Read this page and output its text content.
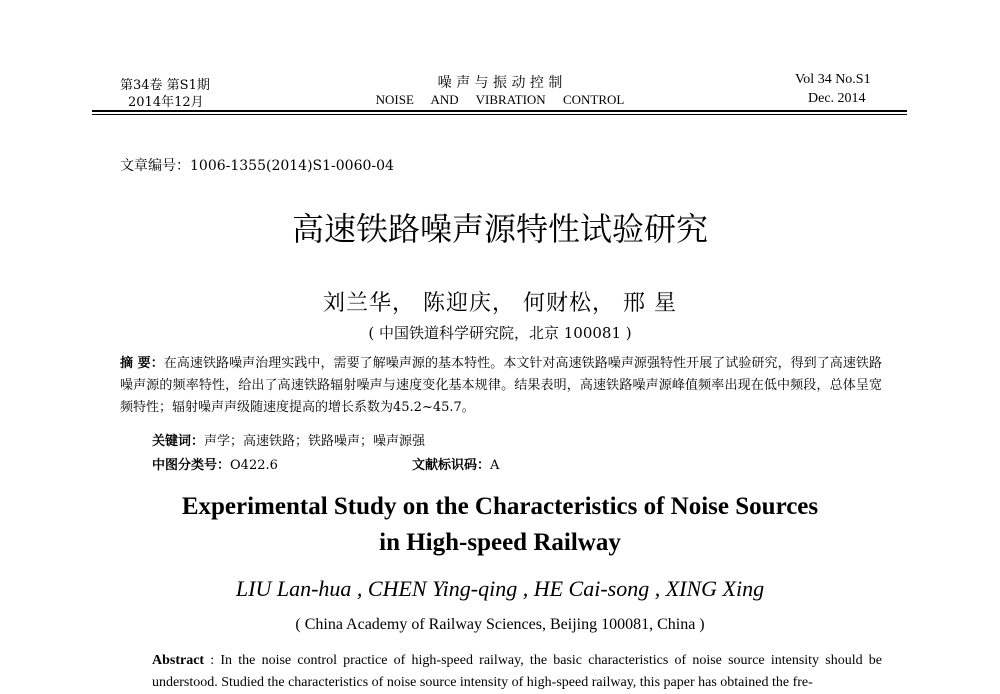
第34卷 第S1期
2014年12月
噪 声 与 振 动 控 制
NOISE AND VIBRATION CONTROL
Vol 34 No.S1
Dec. 2014
文章编号：1006-1355(2014)S1-0060-04
高速铁路噪声源特性试验研究
刘兰华， 陈迎庆， 何财松， 邢 星
( 中国铁道科学研究院，北京 100081 )
摘 要：在高速铁路噪声治理实践中，需要了解噪声源的基本特性。本文针对高速铁路噪声源强特性开展了试验研究，得到了高速铁路噪声源的频率特性，给出了高速铁路辐射噪声与速度变化基本规律。结果表明，高速铁路噪声源峰值频率出现在低中频段，总体呈宽频特性；辐射噪声声级随速度提高的增长系数为45.2~45.7。
关键词：声学；高速铁路；铁路噪声；噪声源强
中图分类号：O422.6	文献标识码：A
Experimental Study on the Characteristics of Noise Sources
in High-speed Railway
LIU Lan-hua , CHEN Ying-qing , HE Cai-song , XING Xing
( China Academy of Railway Sciences, Beijing 100081, China )
Abstract : In the noise control practice of high-speed railway, the basic characteristics of noise source intensity should be understood. Studied the characteristics of noise source intensity of high-speed railway, this paper has obtained the fre-
